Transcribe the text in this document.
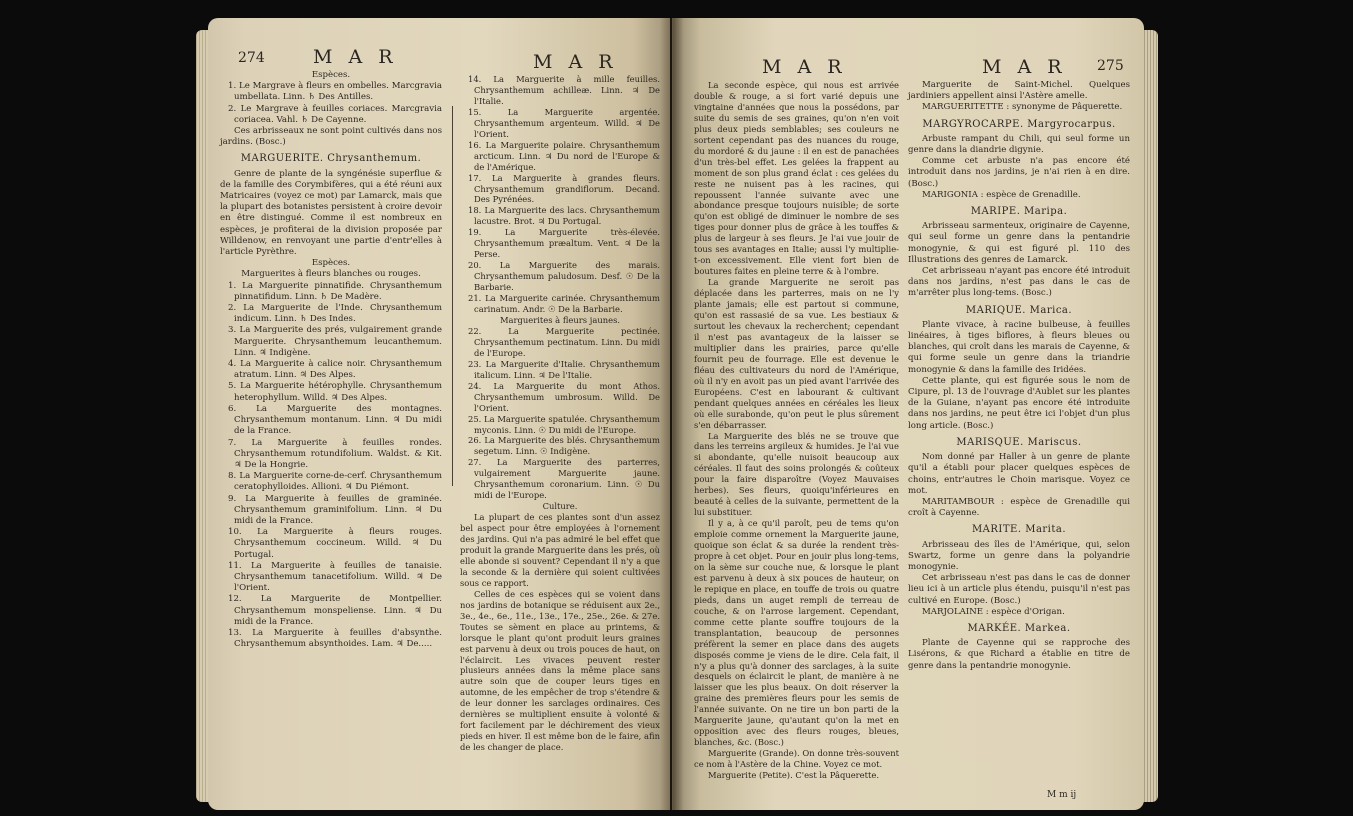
274	M A R	M A R

Espèces.

1. Le Margrave à fleurs en ombelles. Marcgravia umbellata. Linn. ♄ Des Antilles.

2. Le Margrave à feuilles coriaces. Marcgravia coriacea. Vahl. ♄ De Cayenne.

Ces arbrisseaux ne sont point cultivés dans nos jardins. (Bosc.)

MARGUERITE. Chrysanthemum.

Genre de plante de la syngénésie superflue & de la famille des Corymbifères, qui a été réuni aux Matricaires (voyez ce mot) par Lamarck, mais que la plupart des botanistes persistent à croire devoir en être distingué. Comme il est nombreux en espèces, je profiterai de la division proposée par Willdenow, en renvoyant une partie d'entr'elles à l'article Pyrèthre.

Espèces.

Marguerites à fleurs blanches ou rouges.

1. La Marguerite pinnatifide. Chrysanthemum pinnatifidum. Linn. ♄ De Madère.

2. La Marguerite de l'Inde. Chrysanthemum indicum. Linn. ♄ Des Indes.

3. La Marguerite des prés, vulgairement grande Marguerite. Chrysanthemum leucanthemum. Linn. ♃ Indigène.

4. La Marguerite à calice noir. Chrysanthemum atratum. Linn. ♃ Des Alpes.

5. La Marguerite hétérophylle. Chrysanthemum heterophyllum. Willd. ♃ Des Alpes.

6. La Marguerite des montagnes. Chrysanthemum montanum. Linn. ♃ Du midi de la France.

7. La Marguerite à feuilles rondes. Chrysanthemum rotundifolium. Waldst. & Kit. ♃ De la Hongrie.

8. La Marguerite corne-de-cerf. Chrysanthemum ceratophylloides. Allioni. ♃ Du Piémont.

9. La Marguerite à feuilles de graminée. Chrysanthemum graminifolium. Linn. ♃ Du midi de la France.

10. La Marguerite à fleurs rouges. Chrysanthemum coccineum. Willd. ♃ Du Portugal.

11. La Marguerite à feuilles de tanaisie. Chrysanthemum tanacetifolium. Willd. ♃ De l'Orient.

12. La Marguerite de Montpellier. Chrysanthemum monspeliense. Linn. ♃ Du midi de la France.

13. La Marguerite à feuilles d'absynthe. Chrysanthemum absynthoides. Lam. ♃ De.....

14. La Marguerite à mille feuilles. Chrysanthemum achilleæ. Linn. ♃ De l'Italie.

15. La Marguerite argentée. Chrysanthemum argenteum. Willd. ♃ De l'Orient.

16. La Marguerite polaire. Chrysanthemum arcticum. Linn. ♃ Du nord de l'Europe & de l'Amérique.

17. La Marguerite à grandes fleurs. Chrysanthemum grandiflorum. Decand. Des Pyrénées.

18. La Marguerite des lacs. Chrysanthemum lacustre. Brot. ♃ Du Portugal.

19. La Marguerite très-élevée. Chrysanthemum præaltum. Vent. ♃ De la Perse.

20. La Marguerite des marais. Chrysanthemum paludosum. Desf. ☉ De la Barbarie.

21. La Marguerite carinée. Chrysanthemum carinatum. Andr. ☉ De la Barbarie.

Marguerites à fleurs jaunes.

22. La Marguerite pectinée. Chrysanthemum pectinatum. Linn. Du midi de l'Europe.

23. La Marguerite d'Italie. Chrysanthemum italicum. Linn. ♃ De l'Italie.

24. La Marguerite du mont Athos. Chrysanthemum umbrosum. Willd. De l'Orient.

25. La Marguerite spatulée. Chrysanthemum myconis. Linn. ☉ Du midi de l'Europe.

26. La Marguerite des blés. Chrysanthemum segetum. Linn. ☉ Indigène.

27. La Marguerite des parterres, vulgairement Marguerite jaune. Chrysanthemum coronarium. Linn. ☉ Du midi de l'Europe.

Culture.

La plupart de ces plantes sont d'un assez bel aspect pour être employées à l'ornement des jardins. Qui n'a pas admiré le bel effet que produit la grande Marguerite dans les prés, où elle abonde si souvent? Cependant il n'y a que la seconde & la dernière qui soient cultivées sous ce rapport.

Celles de ces espèces qui se voient dans nos jardins de botanique se réduisent aux 2e., 3e., 4e., 6e., 11e., 13e., 17e., 25e., 26e. & 27e. Toutes se sèment en place au printems, & lorsque le plant qu'ont produit leurs graines est parvenu à deux ou trois pouces de haut, on l'éclaircit. Les vivaces peuvent rester plusieurs années dans la même place sans autre soin que de couper leurs tiges en automne, de les empêcher de trop s'étendre & de leur donner les sarclages ordinaires. Ces dernières se multiplient ensuite à volonté & fort facilement par le déchirement des vieux pieds en hiver. Il est même bon de le faire, afin de les changer de place.

M A R	M A R 275

La seconde espèce, qui nous est arrivée double & rouge, a si fort varié depuis une vingtaine d'années que nous la possédons, par suite du semis de ses graines, qu'on n'en voit plus deux pieds semblables; ses couleurs ne sortent cependant pas des nuances du rouge, du mordoré & du jaune : il en est de panachées d'un très-bel effet. Les gelées la frappent au moment de son plus grand éclat : ces gelées du reste ne nuisent pas à les racines, qui repoussent l'année suivante avec une abondance presque toujours nuisible; de sorte qu'on est obligé de diminuer le nombre de ses tiges pour donner plus de grâce à les touffes & plus de largeur à ses fleurs. Je l'ai vue jouir de tous ses avantages en Italie; aussi l'y multiplie-t-on excessivement. Elle vient fort bien de boutures faites en pleine terre & à l'ombre.

La grande Marguerite ne seroit pas déplacée dans les parterres, mais on ne l'y plante jamais; elle est partout si commune, qu'on est rassasié de sa vue. Les bestiaux & surtout les chevaux la recherchent; cependant il n'est pas avantageux de la laisser se multiplier dans les prairies, parce qu'elle fournit peu de fourrage. Elle est devenue le fléau des cultivateurs du nord de l'Amérique, où il n'y en avoit pas un pied avant l'arrivée des Européens. C'est en labourant & cultivant pendant quelques années en céréales les lieux où elle surabonde, qu'on peut le plus sûrement s'en débarrasser.

La Marguerite des blés ne se trouve que dans les terreins argileux & humides. Je l'ai vue si abondante, qu'elle nuisoit beaucoup aux céréales. Il faut des soins prolongés & coûteux pour la faire disparoître (Voyez Mauvaises herbes). Ses fleurs, quoiqu'inférieures en beauté à celles de la suivante, permettent de la lui substituer.

Il y a, à ce qu'il paroît, peu de tems qu'on emploie comme ornement la Marguerite jaune, quoique son éclat & sa durée la rendent très-propre à cet objet. Pour en jouir plus long-tems, on la sème sur couche nue, & lorsque le plant est parvenu à deux à six pouces de hauteur, on le repique en place, en touffe de trois ou quatre pieds, dans un auget rempli de terreau de couche, & on l'arrose largement. Cependant, comme cette plante souffre toujours de la transplantation, beaucoup de personnes préfèrent la semer en place dans des augets disposés comme je viens de le dire. Cela fait, il n'y a plus qu'à donner des sarclages, à la suite desquels on éclaircit le plant, de manière à ne laisser que les plus beaux. On doit réserver la graine des premières fleurs pour les semis de l'année suivante. On ne tire un bon parti de la Marguerite jaune, qu'autant qu'on la met en opposition avec des fleurs rouges, bleues, blanches, &c. (Bosc.)

Marguerite (Grande). On donne très-souvent ce nom à l'Astère de la Chine. Voyez ce mot.

Marguerite (Petite). C'est la Pâquerette.

Marguerite de Saint-Michel. Quelques jardiniers appellent ainsi l'Astère amelle.

MARGUERITETTE : synonyme de Pâquerette.

MARGYROCARPE. Margyrocarpus.

Arbuste rampant du Chili, qui seul forme un genre dans la diandrie digynie.

Comme cet arbuste n'a pas encore été introduit dans nos jardins, je n'ai rien à en dire. (Bosc.)

MARIGONIA : espèce de Grenadille.

MARIPE. Maripa.

Arbrisseau sarmenteux, originaire de Cayenne, qui seul forme un genre dans la pentandrie monogynie, & qui est figuré pl. 110 des Illustrations des genres de Lamarck.

Cet arbrisseau n'ayant pas encore été introduit dans nos jardins, n'est pas dans le cas de m'arrêter plus long-tems. (Bosc.)

MARIQUE. Marica.

Plante vivace, à racine bulbeuse, à feuilles linéaires, à tiges biflores, à fleurs bleues ou blanches, qui croît dans les marais de Cayenne, & qui forme seule un genre dans la triandrie monogynie & dans la famille des Iridées.

Cette plante, qui est figurée sous le nom de Cipure, pl. 13 de l'ouvrage d'Aublet sur les plantes de la Guiane, n'ayant pas encore été introduite dans nos jardins, ne peut être ici l'objet d'un plus long article. (Bosc.)

MARISQUE. Mariscus.

Nom donné par Haller à un genre de plante qu'il a établi pour placer quelques espèces de choins, entr'autres le Choin marisque. Voyez ce mot.

MARITAMBOUR : espèce de Grenadille qui croît à Cayenne.

MARITE. Marita.

Arbrisseau des îles de l'Amérique, qui, selon Swartz, forme un genre dans la polyandrie monogynie.

Cet arbrisseau n'est pas dans le cas de donner lieu ici à un article plus étendu, puisqu'il n'est pas cultivé en Europe. (Bosc.)

MARJOLAINE : espèce d'Origan.

MARKÉE. Markea.

Plante de Cayenne qui se rapproche des Lisérons, & que Richard a établie en titre de genre dans la pentandrie monogynie.

M m ij
